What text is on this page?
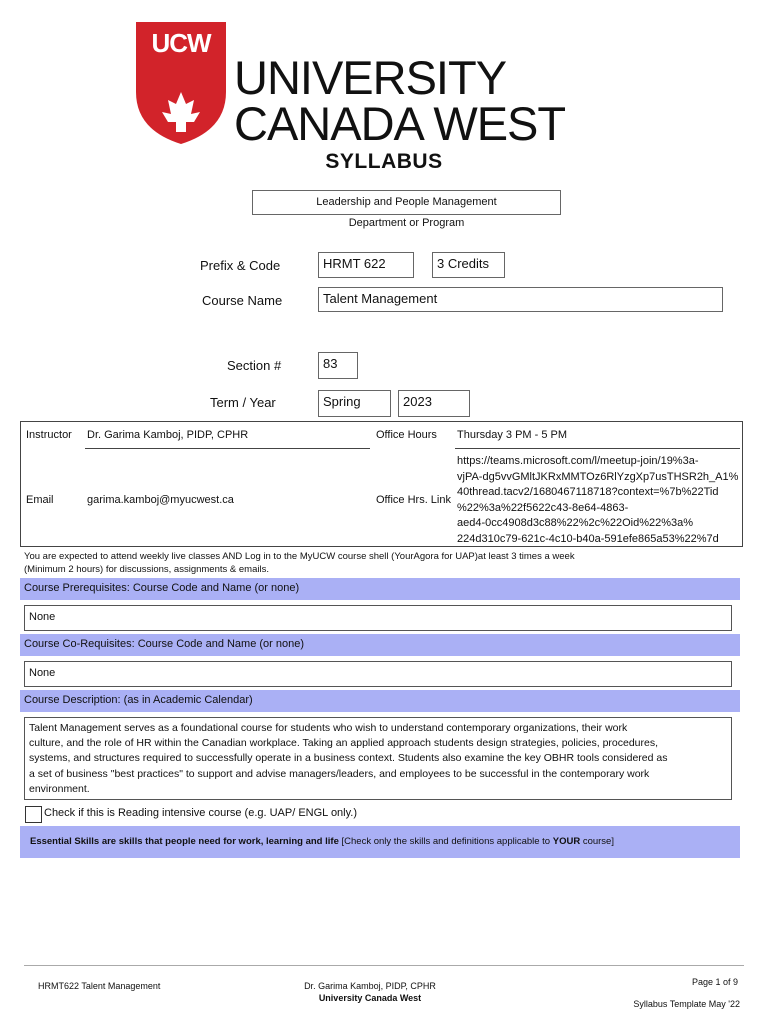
UCW
UNIVERSITY
CANADA WEST
SYLLABUS
Leadership and People Management
Department or Program
Prefix & Code	HRMT 622	3 Credits
Course Name	Talent Management
Section #	83
Term / Year	Spring	2023
Instructor Dr. Garima Kamboj, PIDP, CPHR	Office Hours Thursday 3 PM - 5 PM
Email	garima.kamboj@myucwest.ca	Office Hrs. Link
https://teams.microsoft.com/l/meetup-join/19%3a-
vjPA-dg5vvGMltJKRxMMTOz6RlYzgXp7usTHSR2h_A1%
40thread.tacv2/1680467118718?context=%7b%22Tid
%22%3a%22f5622c43-8e64-4863-
aed4-0cc4908d3c88%22%2c%22Oid%22%3a%
224d310c79-621c-4c10-b40a-591efe865a53%22%7d
You are expected to attend weekly live classes AND Log in to the MyUCW course shell (YourAgora for UAP)at least 3 times a week
(Minimum 2 hours) for discussions, assignments & emails.
Course Prerequisites: Course Code and Name (or none)
None
Course Co-Requisites: Course Code and Name (or none)
None
Course Description: (as in Academic Calendar)
Talent Management serves as a foundational course for students who wish to understand contemporary organizations, their work
culture, and the role of HR within the Canadian workplace. Taking an applied approach students design strategies, policies, procedures,
systems, and structures required to successfully operate in a business context. Students also examine the key OBHR tools considered as
a set of business "best practices" to support and advise managers/leaders, and employees to be successful in the contemporary work
environment.
Check if this is Reading intensive course (e.g. UAP/ ENGL only.)
Essential Skills are skills that people need for work, learning and life [Check only the skills and definitions applicable to YOUR course]
HRMT622 Talent Management	Dr. Garima Kamboj, PIDP, CPHR
University Canada West
Page 1 of 9
Syllabus Template May '22
